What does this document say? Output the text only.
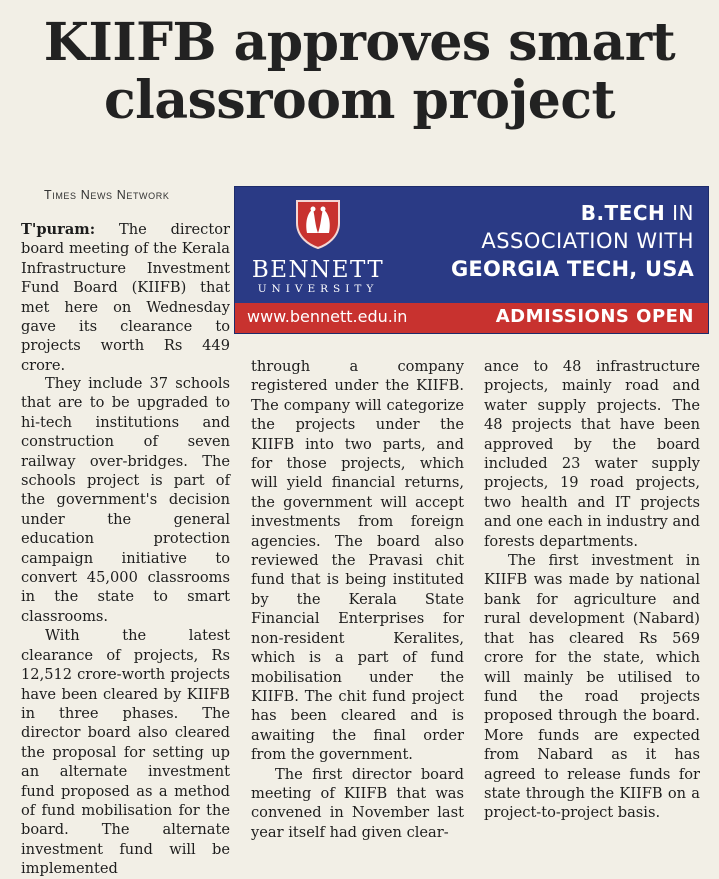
KIIFB approves smart
classroom project
Times News Network
BENNETT
UNIVERSITY
B.TECH IN
ASSOCIATION WITH
GEORGIA TECH, USA
www.bennett.edu.in	ADMISSIONS OPEN

T'puram: The director board meeting of the Kerala Infrastructure Investment Fund Board (KIIFB) that met here on Wednesday gave its clearance to projects worth Rs 449 crore.

They include 37 schools that are to be upgraded to hi-tech institutions and construction of seven railway over-bridges. The schools project is part of the government's decision under the general education protection campaign initiative to convert 45,000 classrooms in the state to smart classrooms.

With the latest clearance of projects, Rs 12,512 crore-worth projects have been cleared by KIIFB in three phases. The director board also cleared the proposal for setting up an alternate investment fund proposed as a method of fund mobilisation for the board. The alternate investment fund will be implemented

through a company registered under the KIIFB. The company will categorize the projects under the KIIFB into two parts, and for those projects, which will yield financial returns, the government will accept investments from foreign agencies. The board also reviewed the Pravasi chit fund that is being instituted by the Kerala State Financial Enterprises for non-resident Keralites, which is a part of fund mobilisation under the KIIFB. The chit fund project has been cleared and is awaiting the final order from the government.

The first director board meeting of KIIFB that was convened in November last year itself had given clear-

ance to 48 infrastructure projects, mainly road and water supply projects. The 48 projects that have been approved by the board included 23 water supply projects, 19 road projects, two health and IT projects and one each in industry and forests departments.

The first investment in KIIFB was made by national bank for agriculture and rural development (Nabard) that has cleared Rs 569 crore for the state, which will mainly be utilised to fund the road projects proposed through the board. More funds are expected from Nabard as it has agreed to release funds for state through the KIIFB on a project-to-project basis.
